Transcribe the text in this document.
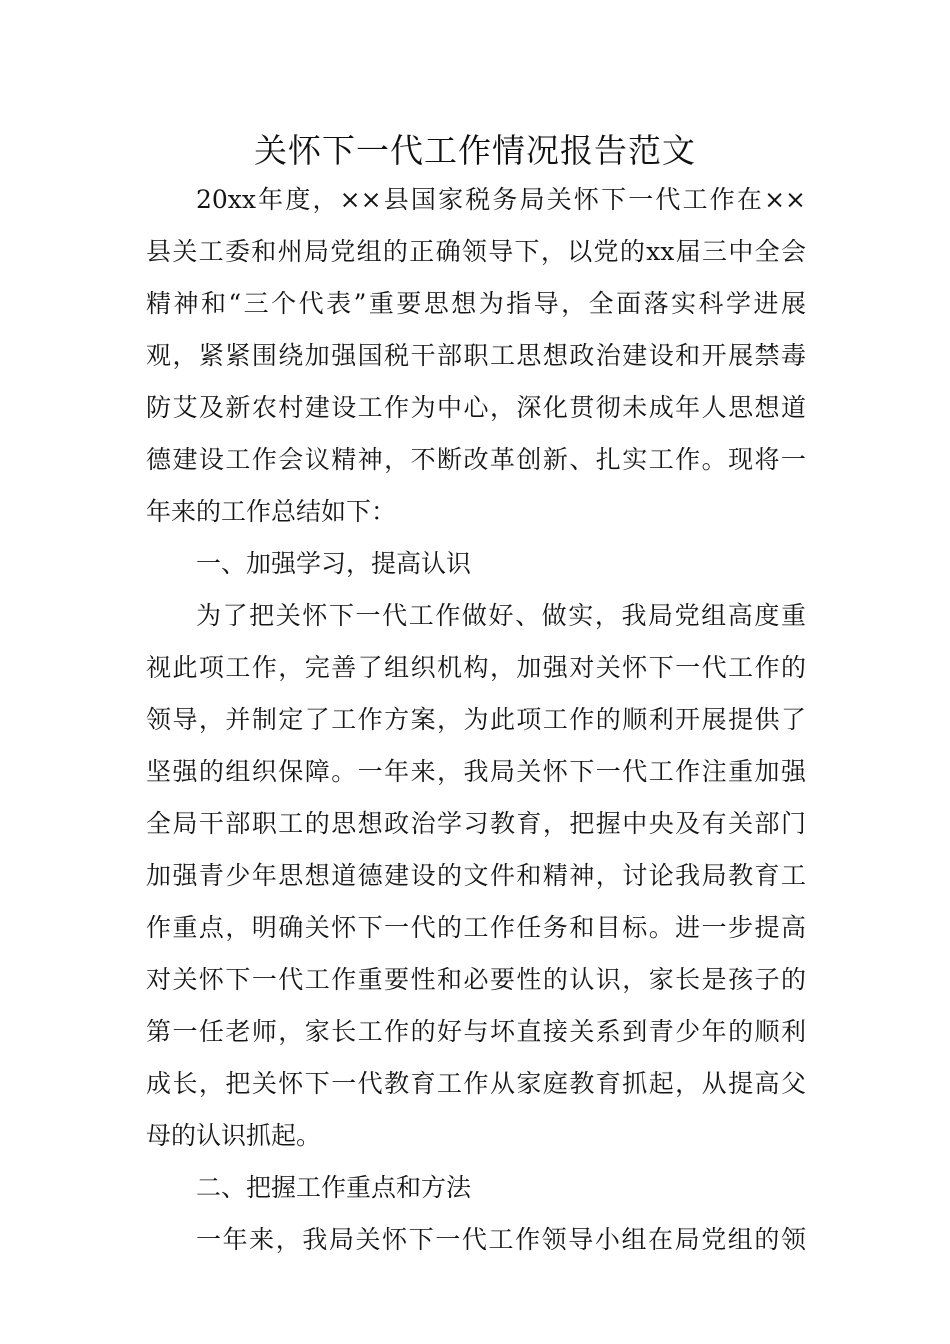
关怀下一代工作情况报告范文
20xx年度，××县国家税务局关怀下一代工作在××
县关工委和州局党组的正确领导下，以党的xx届三中全会
精神和“三个代表”重要思想为指导，全面落实科学进展
观，紧紧围绕加强国税干部职工思想政治建设和开展禁毒
防艾及新农村建设工作为中心，深化贯彻未成年人思想道
德建设工作会议精神，不断改革创新、扎实工作。现将一
年来的工作总结如下：
一、加强学习，提高认识
为了把关怀下一代工作做好、做实，我局党组高度重
视此项工作，完善了组织机构，加强对关怀下一代工作的
领导，并制定了工作方案，为此项工作的顺利开展提供了
坚强的组织保障。一年来，我局关怀下一代工作注重加强
全局干部职工的思想政治学习教育，把握中央及有关部门
加强青少年思想道德建设的文件和精神，讨论我局教育工
作重点，明确关怀下一代的工作任务和目标。进一步提高
对关怀下一代工作重要性和必要性的认识，家长是孩子的
第一任老师，家长工作的好与坏直接关系到青少年的顺利
成长，把关怀下一代教育工作从家庭教育抓起，从提高父
母的认识抓起。
二、把握工作重点和方法
一年来，我局关怀下一代工作领导小组在局党组的领
